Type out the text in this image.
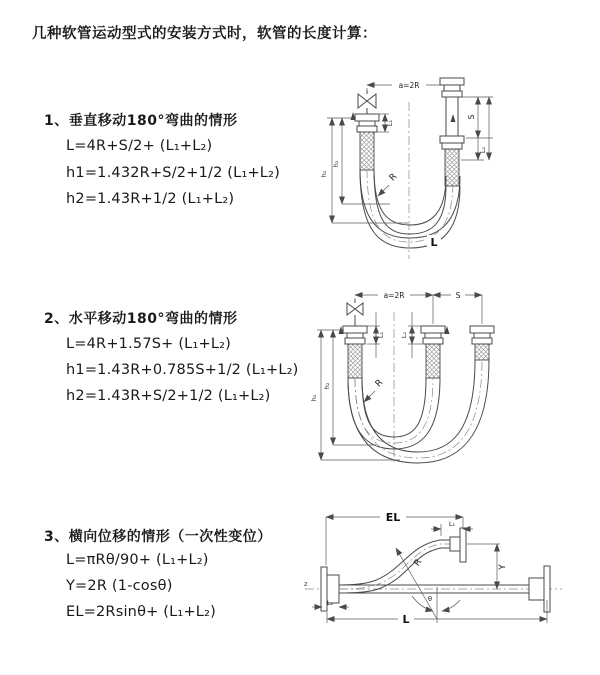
几种软管运动型式的安装方式时，软管的长度计算：
1、垂直移动180°弯曲的情形
L=4R+S/2+ (L₁+L₂)
h1=1.432R+S/2+1/2 (L₁+L₂)
h2=1.43R+1/2 (L₁+L₂)
2、水平移动180°弯曲的情形
L=4R+1.57S+ (L₁+L₂)
h1=1.43R+0.785S+1/2 (L₁+L₂)
h2=1.43R+S/2+1/2 (L₁+L₂)
3、横向位移的情形（一次性变位）
L=πRθ/90+ (L₁+L₂)
Y=2R (1-cosθ)
EL=2Rsinθ+ (L₁+L₂)
a=2R
h₁
h₂
L₁
S
L₂
R
L
a=2R	S
h₁
h₂
L₁ L₂
R
z
EL	L₁
Y
R
θ
L₁
L
